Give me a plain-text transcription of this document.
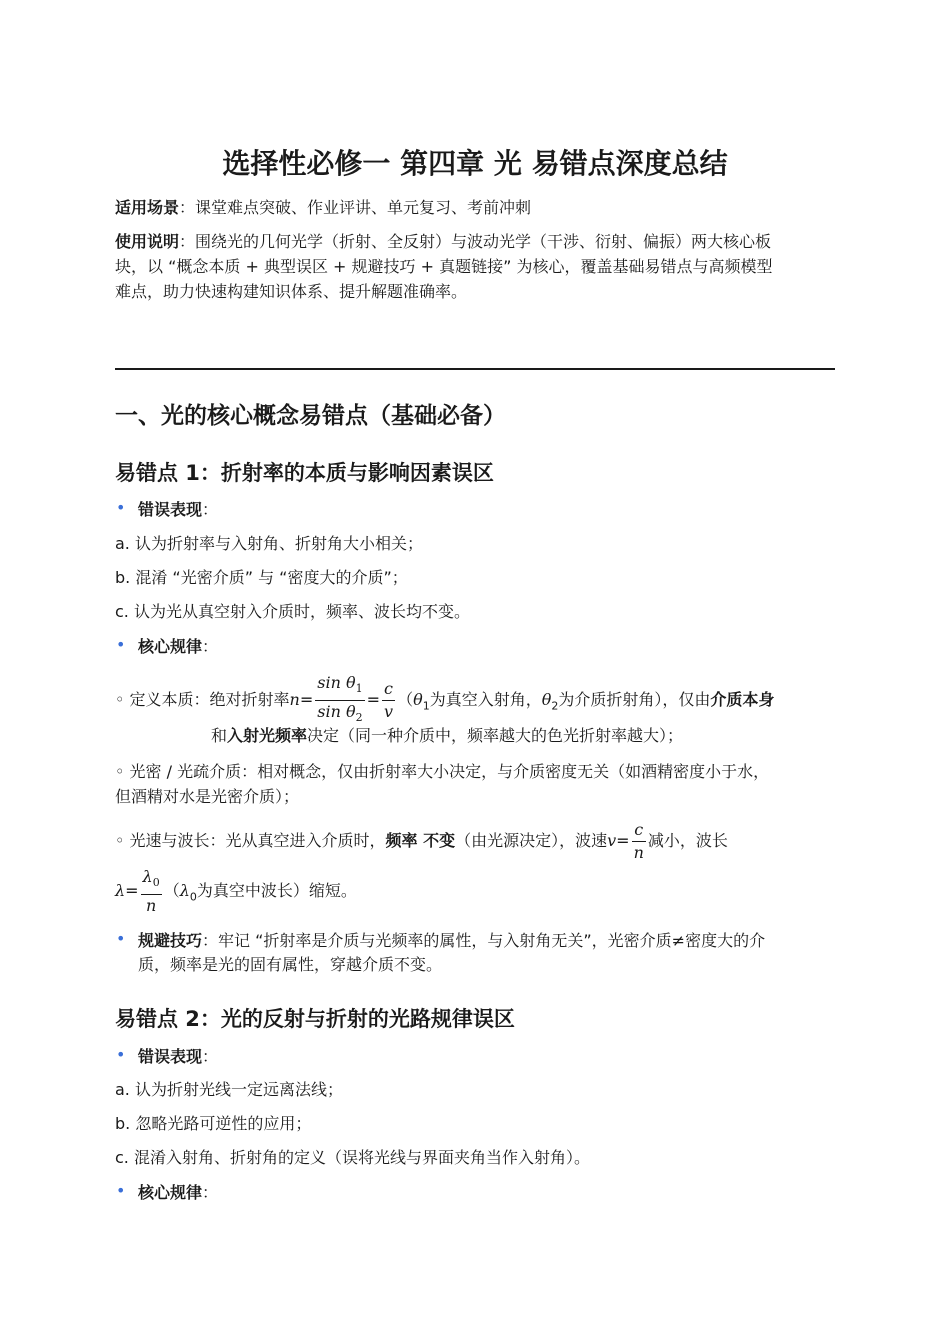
选择性必修一 第四章 光 易错点深度总结
适用场景：课堂难点突破、作业评讲、单元复习、考前冲刺
使用说明：围绕光的几何光学（折射、全反射）与波动光学（干涉、衍射、偏振）两大核心板
块，以 “概念本质 + 典型误区 + 规避技巧 + 真题链接” 为核心，覆盖基础易错点与高频模型
难点，助力快速构建知识体系、提升解题准确率。
一、光的核心概念易错点（基础必备）
易错点 1：折射率的本质与影响因素误区
• 错误表现：
a. 认为折射率与入射角、折射角大小相关；
b. 混淆 “光密介质” 与 “密度大的介质”；
c. 认为光从真空射入介质时，频率、波长均不变。
• 核心规律：
◦ 定义本质：绝对折射率$n= \frac{\sin \theta_1}{\sin \theta_2} = \frac{c}{v} (\theta_1$为真空入射角，$\theta_2$为介质折射角），仅由介质本身
和入射光频率决定（同一种介质中，频率越大的色光折射率越大）；
◦ 光密 / 光疏介质：相对概念，仅由折射率大小决定，与介质密度无关（如酒精密度小于水，
但酒精对水是光密介质）；
◦ 光速与波长：光从真空进入介质时，频率 不变（由光源决定），波速$v= \frac{c}{n}$ 减小，波长
$\lambda= \frac{\lambda_0}{n} (\lambda_0$为真空中波长）缩短。
• 规避技巧：牢记 “折射率是介质与光频率的属性，与入射角无关”，光密介质≠密度大的介
质，频率是光的固有属性，穿越介质不变。
易错点 2：光的反射与折射的光路规律误区
• 错误表现：
a. 认为折射光线一定远离法线；
b. 忽略光路可逆性的应用；
c. 混淆入射角、折射角的定义（误将光线与界面夹角当作入射角）。
• 核心规律：
